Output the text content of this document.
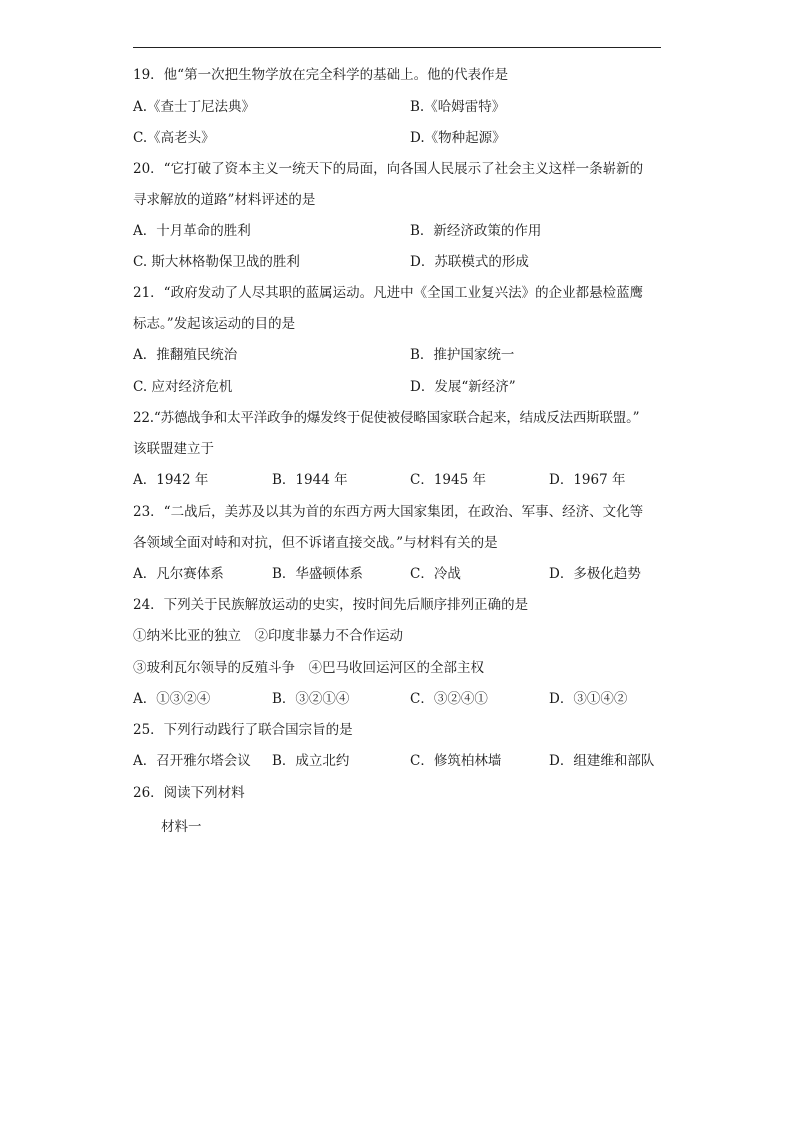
19．他“第一次把生物学放在完全科学的基础上。他的代表作是
A.《查士丁尼法典》	B.《哈姆雷特》
C.《高老头》	D.《物种起源》
20．“它打破了资本主义一统天下的局面，向各国人民展示了社会主义这样一条崭新的
寻求解放的道路”材料评述的是
A．十月革命的胜利	B．新经济政策的作用
C. 斯大林格勒保卫战的胜利	D．苏联模式的形成
21．“政府发动了人尽其职的蓝属运动。凡进中《全国工业复兴法》的企业都悬检蓝鹰
标志。”发起该运动的目的是
A．推翻殖民统治	B．推护国家统一
C. 应对经济危机	D．发展“新经济”
22.“苏德战争和太平洋政争的爆发终于促使被侵略国家联合起来，结成反法西斯联盟。”
该联盟建立于
A．1942 年	B．1944 年	C．1945 年	D．1967 年
23．“二战后，美苏及以其为首的东西方两大国家集团，在政治、军事、经济、文化等
各领域全面对峙和对抗，但不诉诸直接交战。”与材料有关的是
A．凡尔赛体系	B．华盛顿体系	C．冷战	D．多极化趋势
24．下列关于民族解放运动的史实，按时间先后顺序排列正确的是
①纳米比亚的独立　②印度非暴力不合作运动
③玻利瓦尔领导的反殖斗争　④巴马收回运河区的全部主权
A．①③②④	B．③②①④	C．③②④①	D．③①④②
25．下列行动践行了联合国宗旨的是
A．召开雅尔塔会议 B．成立北约	C．修筑柏林墙	D．组建维和部队
26．阅读下列材料
材料一
